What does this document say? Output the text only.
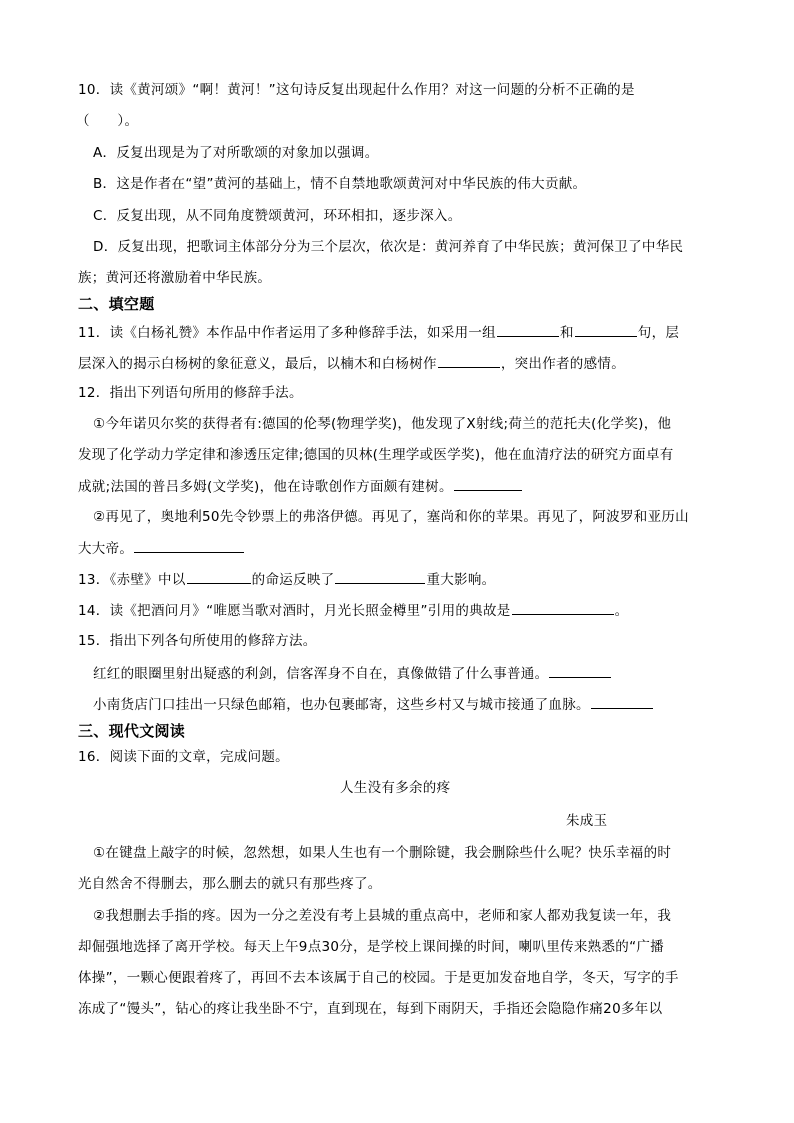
10．读《黄河颂》“啊！黄河！”这句诗反复出现起什么作用？对这一问题的分析不正确的是
（　　）。
A．反复出现是为了对所歌颂的对象加以强调。
B．这是作者在“望”黄河的基础上，情不自禁地歌颂黄河对中华民族的伟大贡献。
C．反复出现，从不同角度赞颂黄河，环环相扣，逐步深入。
D．反复出现，把歌词主体部分分为三个层次，依次是：黄河养育了中华民族；黄河保卫了中华民
族；黄河还将激励着中华民族。
二、填空题
11．读《白杨礼赞》本作品中作者运用了多种修辞手法，如采用一组	和	句，层
层深入的揭示白杨树的象征意义，最后，以楠木和白杨树作	，突出作者的感情。
12．指出下列语句所用的修辞手法。
①今年诺贝尔奖的获得者有:德国的伦琴(物理学奖)，他发现了X射线;荷兰的范托夫(化学奖)，他
发现了化学动力学定律和渗透压定律;德国的贝林(生理学或医学奖)，他在血清疗法的研究方面卓有
成就;法国的普吕多姆(文学奖)，他在诗歌创作方面颇有建树。
②再见了，奥地利50先令钞票上的弗洛伊德。再见了，塞尚和你的苹果。再见了，阿波罗和亚历山
大大帝。
13．《赤壁》中以	的命运反映了	重大影响。
14．读《把酒问月》“唯愿当歌对酒时，月光长照金樽里”引用的典故是	。
15．指出下列各句所使用的修辞方法。
红红的眼圈里射出疑惑的利剑，信客浑身不自在，真像做错了什么事普通。
小南货店门口挂出一只绿色邮箱，也办包裹邮寄，这些乡村又与城市接通了血脉。
三、现代文阅读
16．阅读下面的文章，完成问题。
人生没有多余的疼
朱成玉
①在键盘上敲字的时候，忽然想，如果人生也有一个删除键，我会删除些什么呢？快乐幸福的时
光自然舍不得删去，那么删去的就只有那些疼了。
②我想删去手指的疼。因为一分之差没有考上县城的重点高中，老师和家人都劝我复读一年，我
却倔强地选择了离开学校。每天上午9点30分，是学校上课间操的时间，喇叭里传来熟悉的“广播
体操”，一颗心便跟着疼了，再回不去本该属于自己的校园。于是更加发奋地自学，冬天，写字的手
冻成了“馒头”，钻心的疼让我坐卧不宁，直到现在，每到下雨阴天，手指还会隐隐作痛20多年以
